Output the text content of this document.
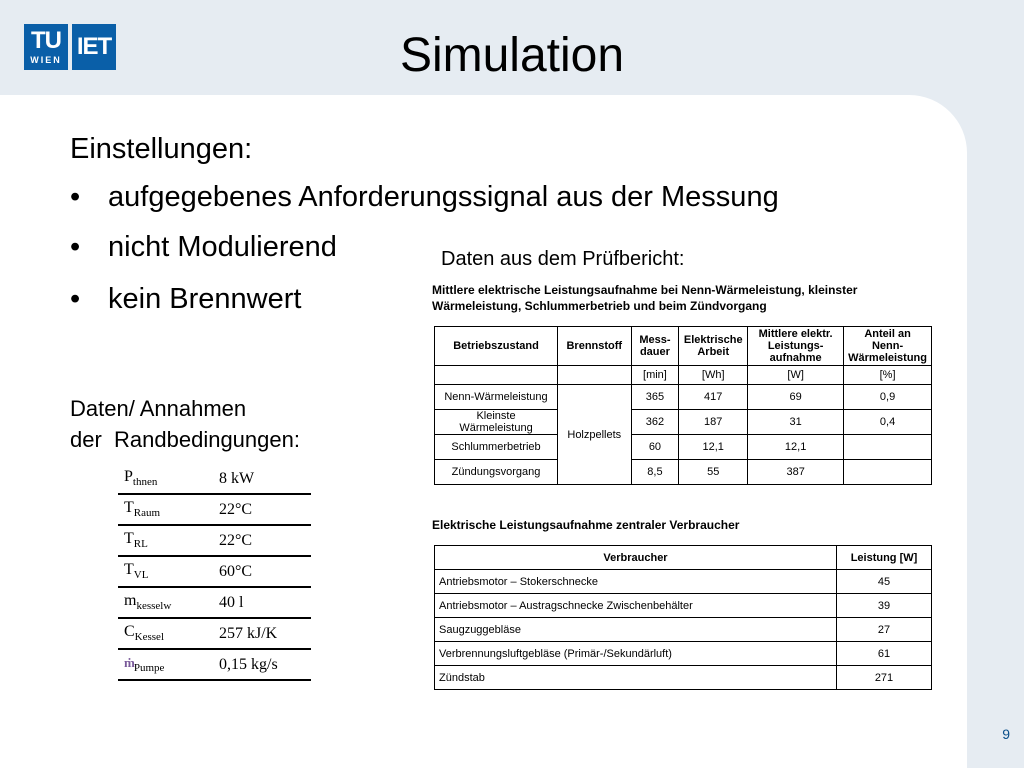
TU
WIEN IET	Simulation
Einstellungen:
• aufgegebenes Anforderungssignal aus der Messung
• nicht Modulierend
• kein Brennwert
Daten aus dem Prüfbericht:
Daten/ Annahmen
der  Randbedingungen:
$P_{thnen}$	8 kW
$T_{Raum}$	22°C
$T_{RL}$	22°C
$T_{VL}$	60°C
$m_{kesselw}$	40 l
$C_{Kessel}$	257 kJ/K
ṁ$_{Pumpe}$	0,15 kg/s
Mittlere elektrische Leistungsaufnahme bei Nenn-Wärmeleistung, kleinster Wärmeleistung, Schlummerbetrieb und beim Zündvorgang
Betriebszustand	Brennstoff	Mess-dauer	Elektrische Arbeit	Mittlere elektr. Leistungs-aufnahme	Anteil an Nenn-Wärmeleistung
		[min]	[Wh]	[W]	[%]
Nenn-Wärmeleistung	Holzpellets	365	417	69	0,9
Kleinste Wärmeleistung		362	187	31	0,4
Schlummerbetrieb		60	12,1	12,1	
Zündungsvorgang		8,5	55	387	
Elektrische Leistungsaufnahme zentraler Verbraucher
Verbraucher	Leistung [W]
Antriebsmotor – Stokerschnecke	45
Antriebsmotor – Austragschnecke Zwischenbehälter	39
Saugzuggebläse	27
Verbrennungsluftgebläse (Primär-/Sekundärluft)	61
Zündstab	271
9
